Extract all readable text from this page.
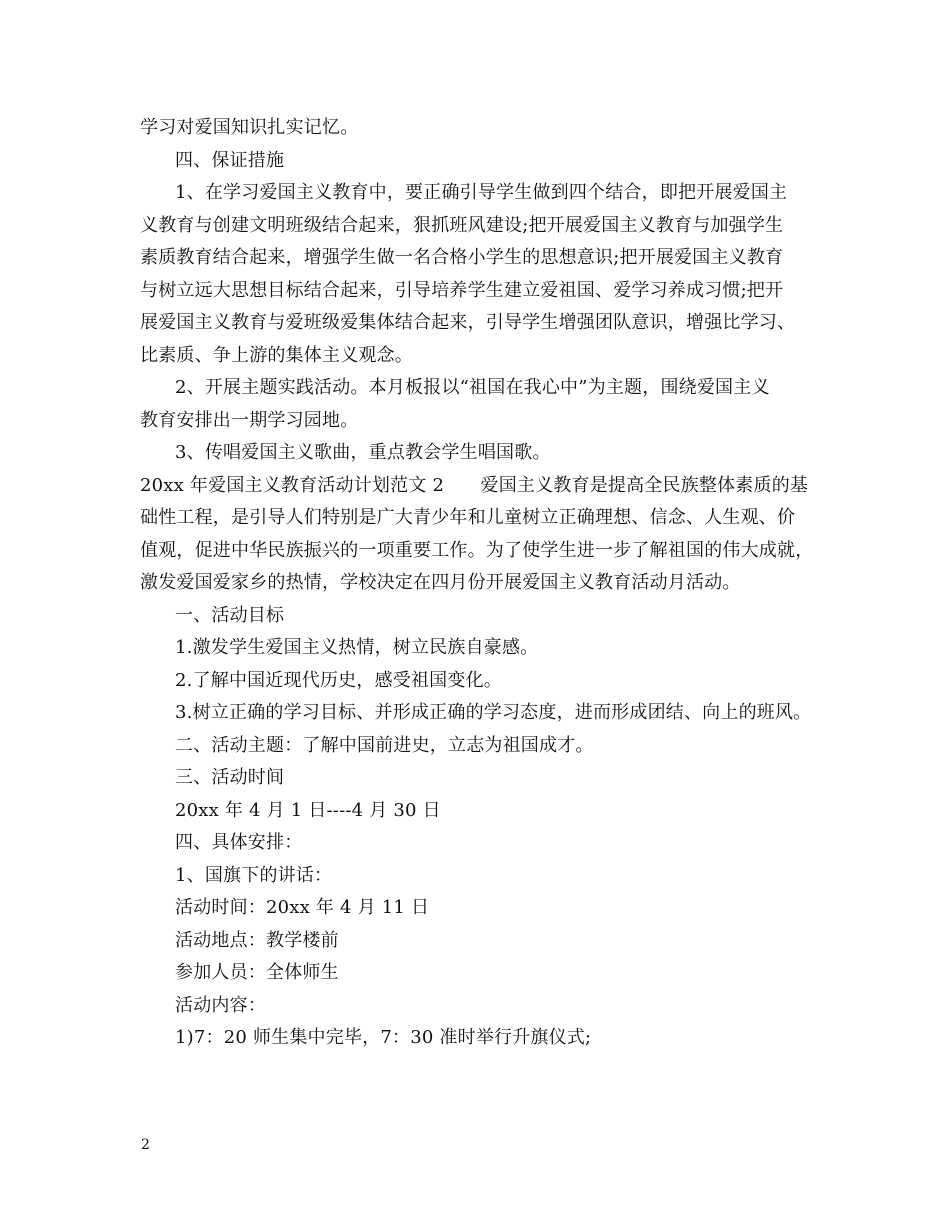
学习对爱国知识扎实记忆。
四、保证措施
1、在学习爱国主义教育中，要正确引导学生做到四个结合，即把开展爱国主
义教育与创建文明班级结合起来，狠抓班风建设;把开展爱国主义教育与加强学生
素质教育结合起来，增强学生做一名合格小学生的思想意识;把开展爱国主义教育
与树立远大思想目标结合起来，引导培养学生建立爱祖国、爱学习养成习惯;把开
展爱国主义教育与爱班级爱集体结合起来，引导学生增强团队意识，增强比学习、
比素质、争上游的集体主义观念。
2、开展主题实践活动。本月板报以“祖国在我心中”为主题，围绕爱国主义
教育安排出一期学习园地。
3、传唱爱国主义歌曲，重点教会学生唱国歌。
20xx 年爱国主义教育活动计划范文 2　　爱国主义教育是提高全民族整体素质的基
础性工程，是引导人们特别是广大青少年和儿童树立正确理想、信念、人生观、价
值观，促进中华民族振兴的一项重要工作。为了使学生进一步了解祖国的伟大成就，
激发爱国爱家乡的热情，学校决定在四月份开展爱国主义教育活动月活动。
一、活动目标
1.激发学生爱国主义热情，树立民族自豪感。
2.了解中国近现代历史，感受祖国变化。
3.树立正确的学习目标、并形成正确的学习态度，进而形成团结、向上的班风。
二、活动主题：了解中国前进史，立志为祖国成才。
三、活动时间
20xx 年 4 月 1 日----4 月 30 日
四、具体安排：
1、国旗下的讲话：
活动时间：20xx 年 4 月 11 日
活动地点：教学楼前
参加人员：全体师生
活动内容：
1)7：20 师生集中完毕，7：30 准时举行升旗仪式;
2
